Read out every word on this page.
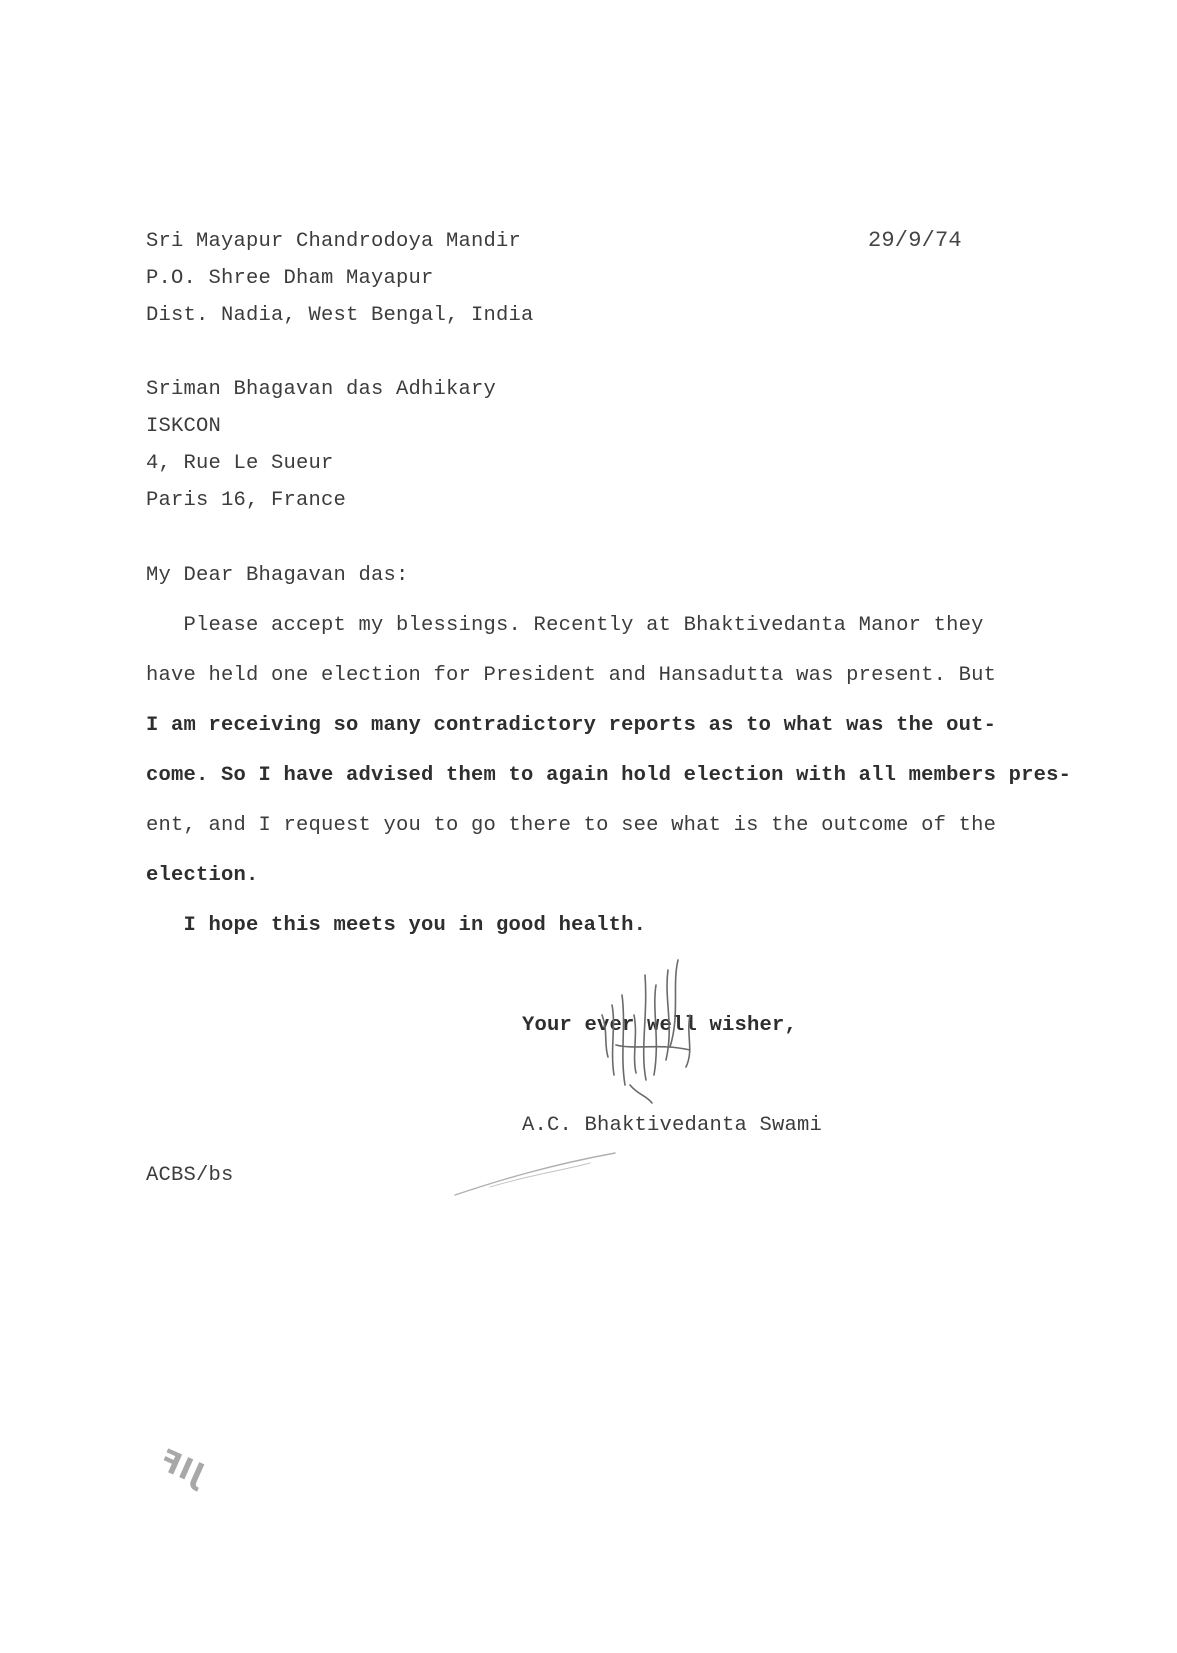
Sri Mayapur Chandrodoya Mandir
P.O. Shree Dham Mayapur
Dist. Nadia, West Bengal, India
29/9/74
Sriman Bhagavan das Adhikary
ISKCON
4, Rue Le Sueur
Paris 16, France
My Dear Bhagavan das:
Please accept my blessings. Recently at Bhaktivedanta Manor they
have held one election for President and Hansadutta was present. But
I am receiving so many contradictory reports as to what was the out-
come. So I have advised them to again hold election with all members pres-
ent, and I request you to go there to see what is the outcome of the
election.
I hope this meets you in good health.
Your ever well wisher,
A.C. Bhaktivedanta Swami
ACBS/bs
JIF
